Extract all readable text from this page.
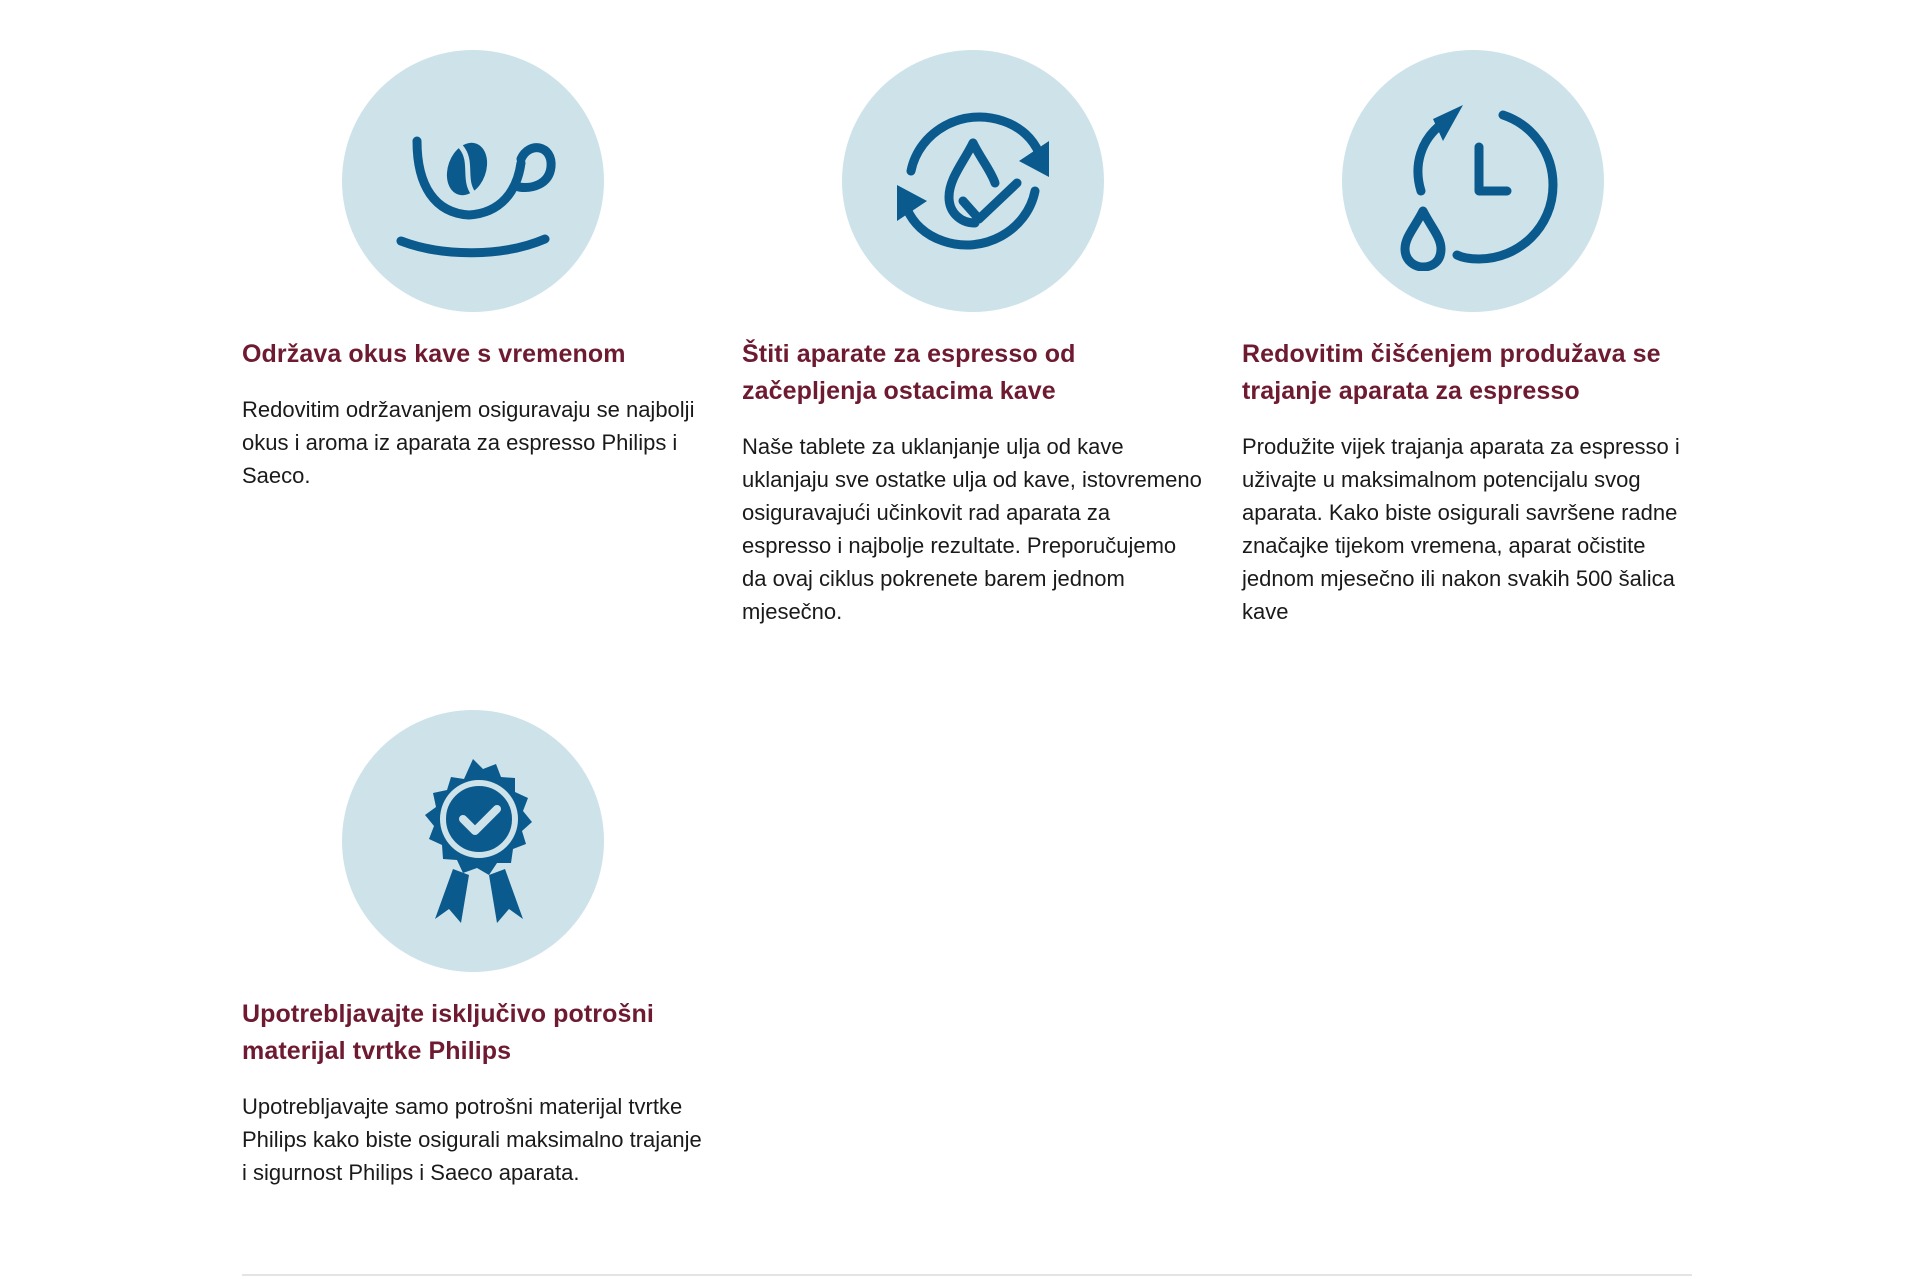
Održava okus kave s vremenom

Redovitim održavanjem osiguravaju se najbolji okus i aroma iz aparata za espresso Philips i Saeco.

Štiti aparate za espresso od začepljenja ostacima kave

Naše tablete za uklanjanje ulja od kave uklanjaju sve ostatke ulja od kave, istovremeno osiguravajući učinkovit rad aparata za espresso i najbolje rezultate. Preporučujemo da ovaj ciklus pokrenete barem jednom mjesečno.

Redovitim čišćenjem produžava se trajanje aparata za espresso

Produžite vijek trajanja aparata za espresso i uživajte u maksimalnom potencijalu svog aparata. Kako biste osigurali savršene radne značajke tijekom vremena, aparat očistite jednom mjesečno ili nakon svakih 500 šalica kave

Upotrebljavajte isključivo potrošni materijal tvrtke Philips

Upotrebljavajte samo potrošni materijal tvrtke Philips kako biste osigurali maksimalno trajanje i sigurnost Philips i Saeco aparata.
